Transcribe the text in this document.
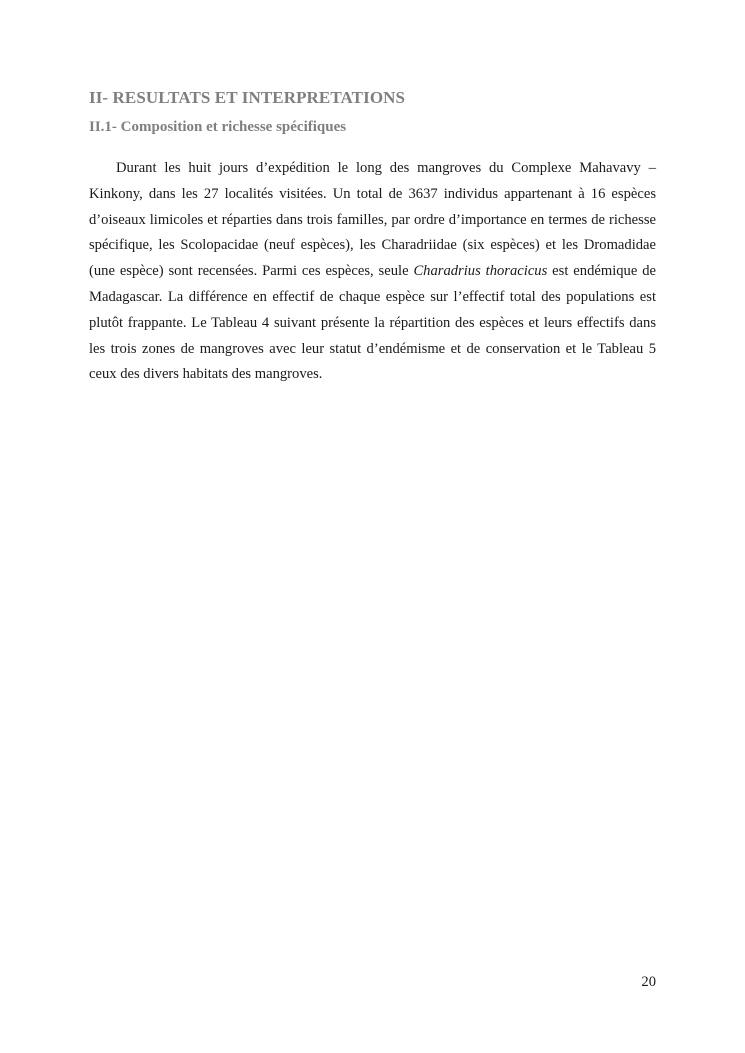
II- RESULTATS ET INTERPRETATIONS
II.1- Composition et richesse spécifiques

Durant les huit jours d’expédition le long des mangroves du Complexe Mahavavy – Kinkony, dans les 27 localités visitées. Un total de 3637 individus appartenant à 16 espèces d’oiseaux limicoles et réparties dans trois familles, par ordre d’importance en termes de richesse spécifique, les Scolopacidae (neuf espèces), les Charadriidae (six espèces) et les Dromadidae (une espèce) sont recensées. Parmi ces espèces, seule Charadrius thoracicus est endémique de Madagascar. La différence en effectif de chaque espèce sur l’effectif total des populations est plutôt frappante. Le Tableau 4 suivant présente la répartition des espèces et leurs effectifs dans les trois zones de mangroves avec leur statut d’endémisme et de conservation et le Tableau 5 ceux des divers habitats des mangroves.

20
